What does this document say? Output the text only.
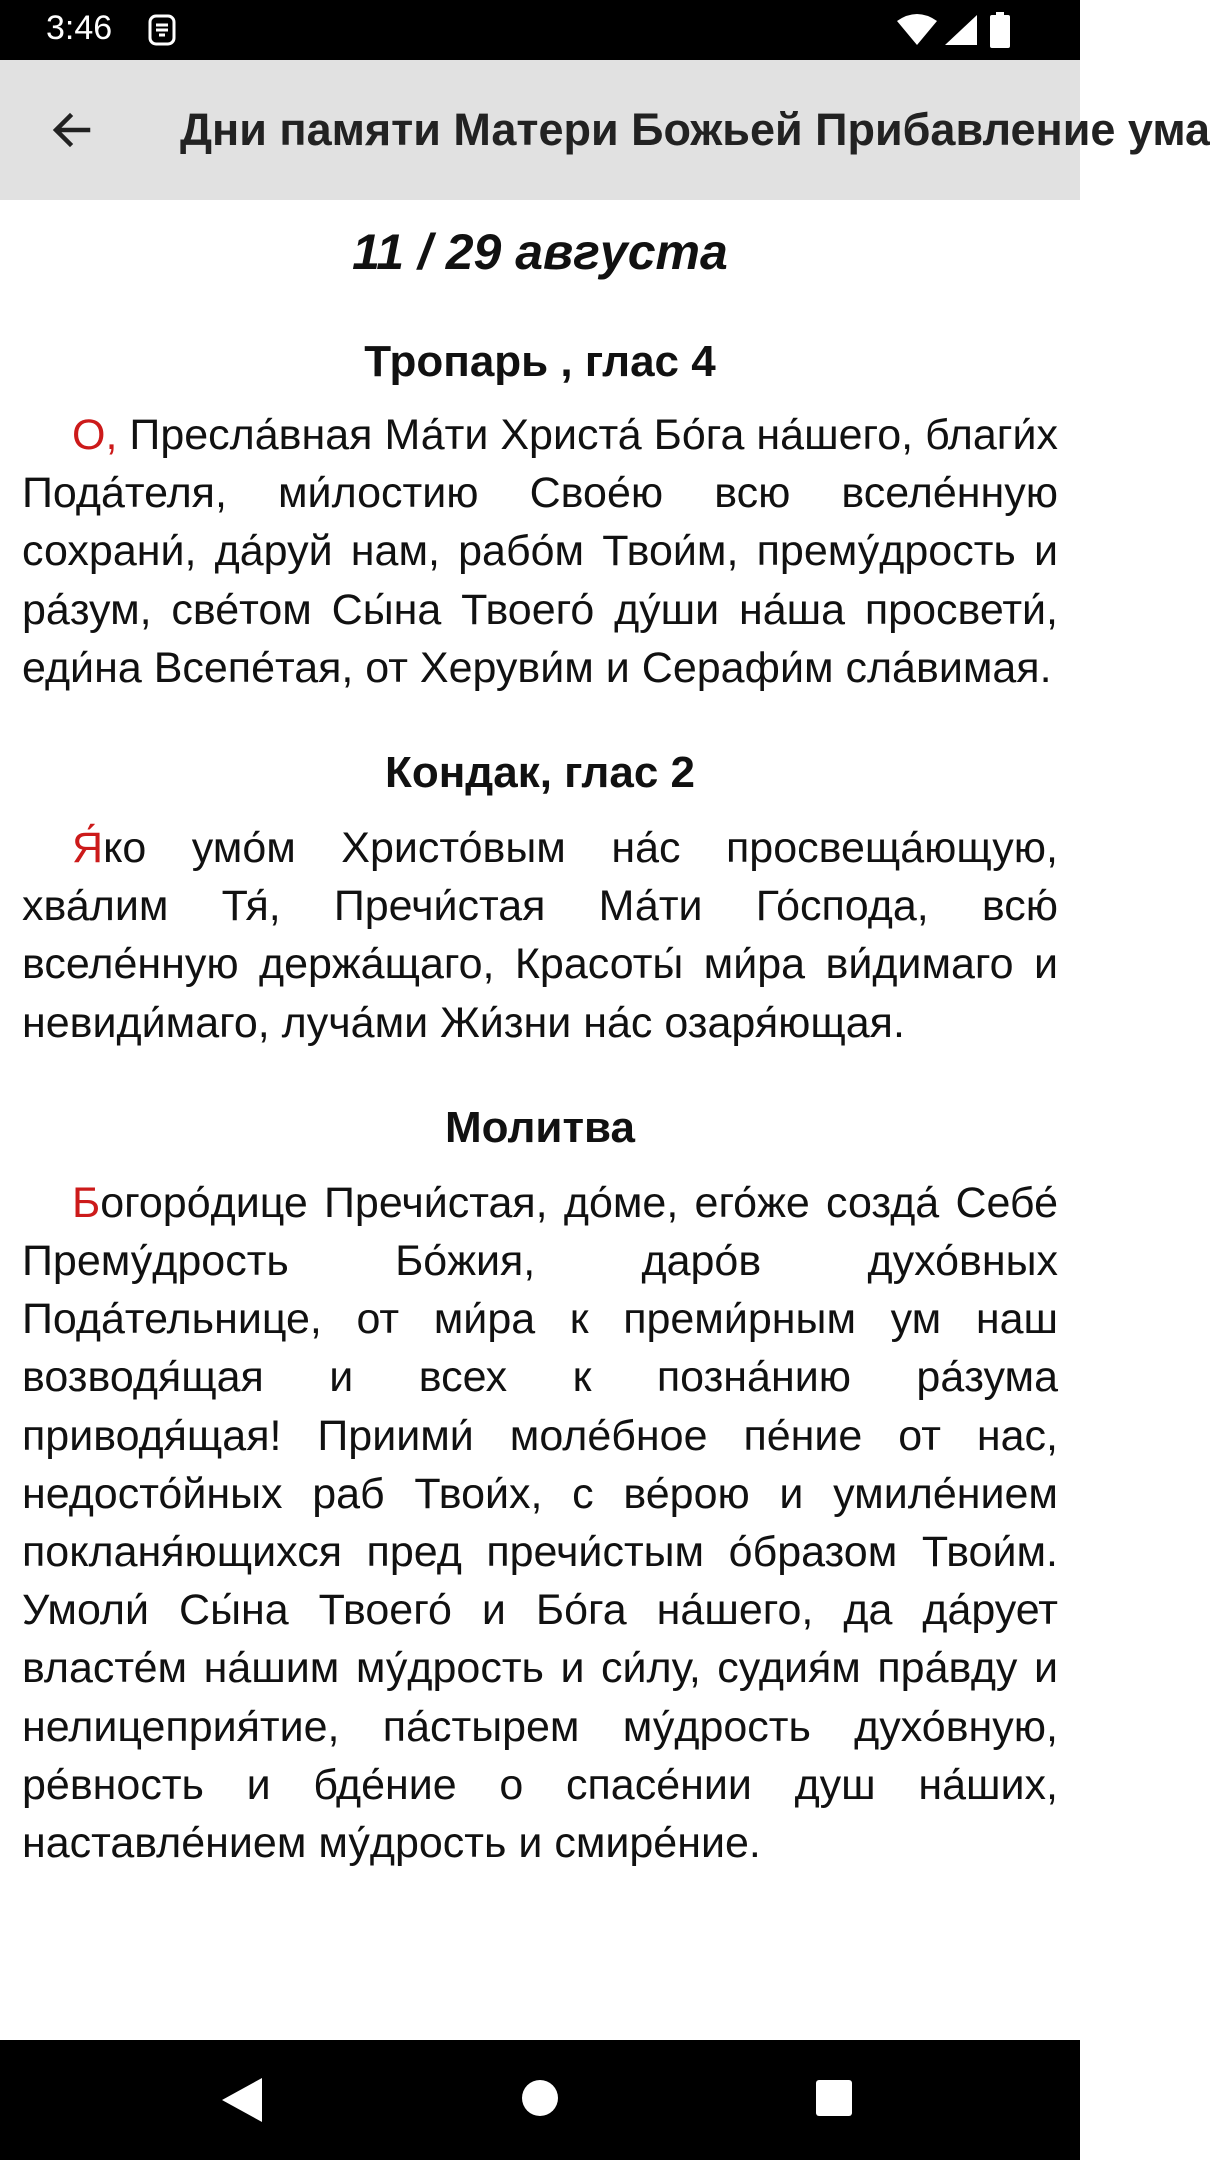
3:46
Дни памяти Матери Божьей Прибавление ума
11 / 29 августа
Тропарь , глас 4

О, Пресла́вная Ма́ти Христа́ Бо́га на́шего, благи́х Пода́теля, ми́лостию Свое́ю всю вселе́нную сохрани́, да́руй нам, рабо́м Твои́м, прему́дрость и ра́зум, све́том Сы́на Твоего́ ду́ши на́ша просвети́, еди́на Всепе́тая, от Херуви́м и Серафи́м сла́вимая.

Кондак, глас 2

Я́ко умо́м Христо́вым на́с просвеща́ющую, хва́лим Тя́, Пречи́стая Ма́ти Го́спода, всю́ вселе́нную держа́щаго, Красоты́ ми́ра ви́димаго и невиди́маго, луча́ми Жи́зни на́с озаря́ющая.

Молитва

Богоро́дице Пречи́стая, до́ме, его́же созда́ Себе́ Прему́дрость Бо́жия, даро́в духо́вных Пода́тельнице, от ми́ра к преми́рным ум наш возводя́щая и всех к позна́нию ра́зума приводя́щая! Приими́ моле́бное пе́ние от нас, недосто́йных раб Твои́х, с ве́рою и умиле́нием покланя́ющихся пред пречи́стым о́бразом Твои́м. Умоли́ Сы́на Твоего́ и Бо́га на́шего, да да́рует власте́м на́шим му́дрость и си́лу, судия́м пра́вду и нелицеприя́тие, па́стырем му́дрость духо́вную, ре́вность и бде́ние о спасе́нии душ на́ших, наставле́нием му́дрость и смире́ние.
